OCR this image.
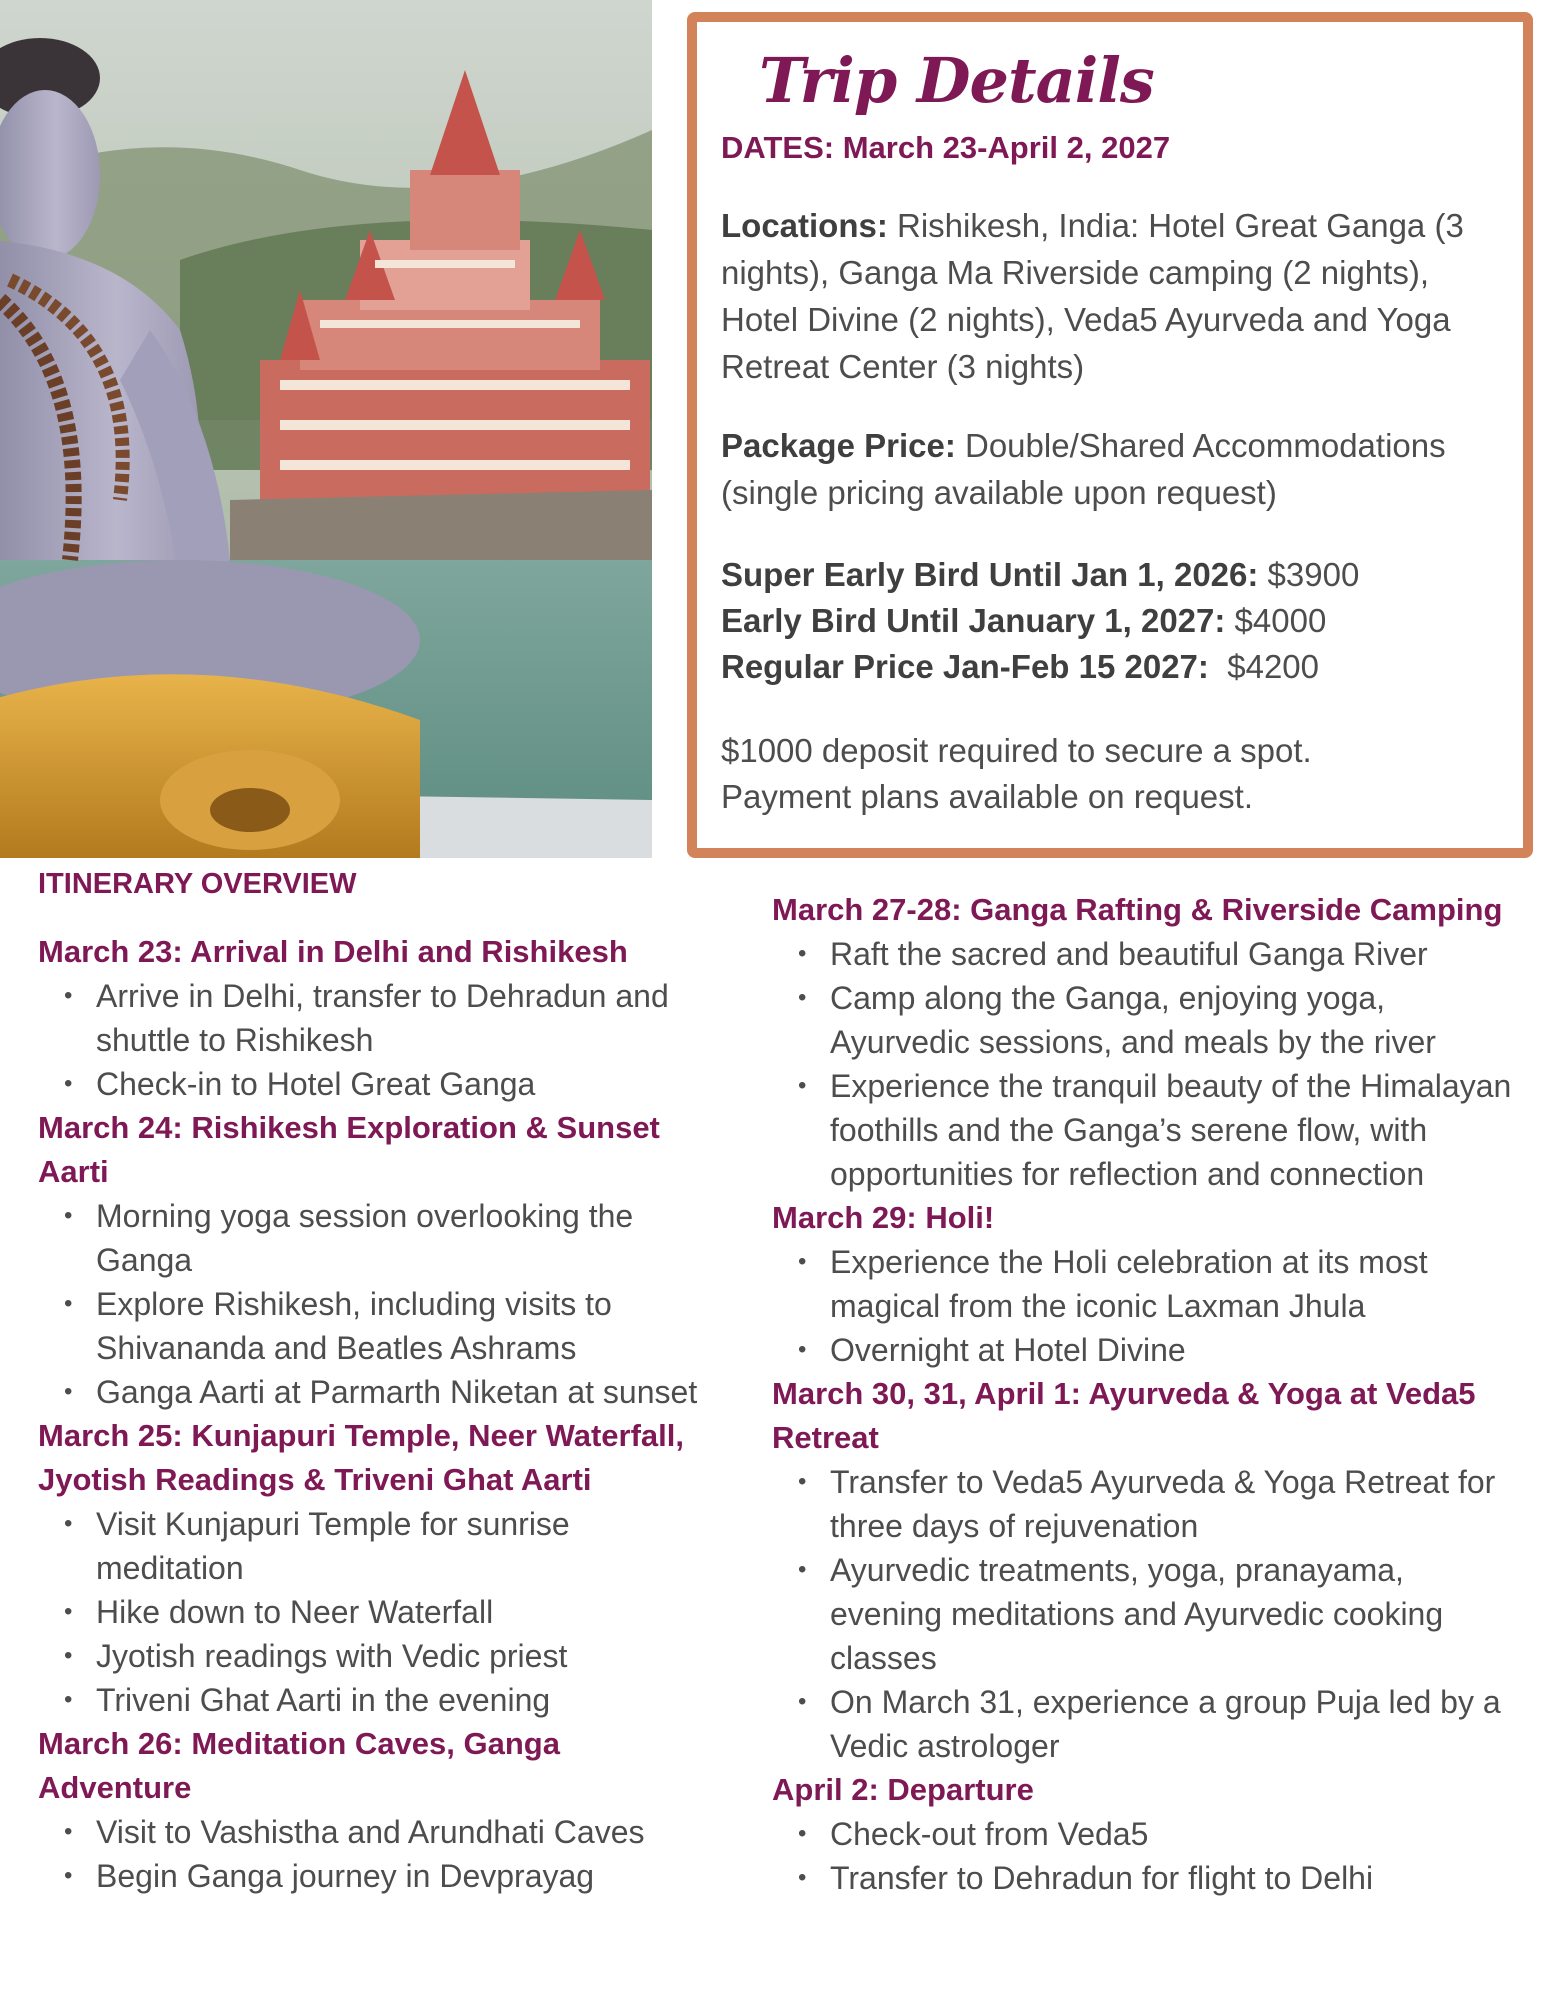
Trip Details
DATES: March 23-April 2, 2027
Locations: Rishikesh, India: Hotel Great Ganga (3 nights), Ganga Ma Riverside camping (2 nights), Hotel Divine (2 nights), Veda5 Ayurveda and Yoga Retreat Center (3 nights)
Package Price: Double/Shared Accommodations (single pricing available upon request)
Super Early Bird Until Jan 1, 2026: $3900
Early Bird Until January 1, 2027: $4000
Regular Price Jan-Feb 15 2027:  $4200
$1000 deposit required to secure a spot.
Payment plans available on request.
ITINERARY OVERVIEW
March 23: Arrival in Delhi and Rishikesh
• Arrive in Delhi, transfer to Dehradun and shuttle to Rishikesh
• Check-in to Hotel Great Ganga
March 24: Rishikesh Exploration & Sunset Aarti
• Morning yoga session overlooking the Ganga
• Explore Rishikesh, including visits to Shivananda and Beatles Ashrams
• Ganga Aarti at Parmarth Niketan at sunset
March 25: Kunjapuri Temple, Neer Waterfall, Jyotish Readings & Triveni Ghat Aarti
• Visit Kunjapuri Temple for sunrise meditation
• Hike down to Neer Waterfall
• Jyotish readings with Vedic priest
• Triveni Ghat Aarti in the evening
March 26: Meditation Caves, Ganga Adventure
• Visit to Vashistha and Arundhati Caves
• Begin Ganga journey in Devprayag
March 27-28: Ganga Rafting & Riverside Camping
• Raft the sacred and beautiful Ganga River
• Camp along the Ganga, enjoying yoga, Ayurvedic sessions, and meals by the river
• Experience the tranquil beauty of the Himalayan foothills and the Ganga’s serene flow, with opportunities for reflection and connection
March 29: Holi!
• Experience the Holi celebration at its most magical from the iconic Laxman Jhula
• Overnight at Hotel Divine
March 30, 31, April 1: Ayurveda & Yoga at Veda5 Retreat
• Transfer to Veda5 Ayurveda & Yoga Retreat for three days of rejuvenation
• Ayurvedic treatments, yoga, pranayama, evening meditations and Ayurvedic cooking classes
• On March 31, experience a group Puja led by a Vedic astrologer
April 2: Departure
• Check-out from Veda5
• Transfer to Dehradun for flight to Delhi
